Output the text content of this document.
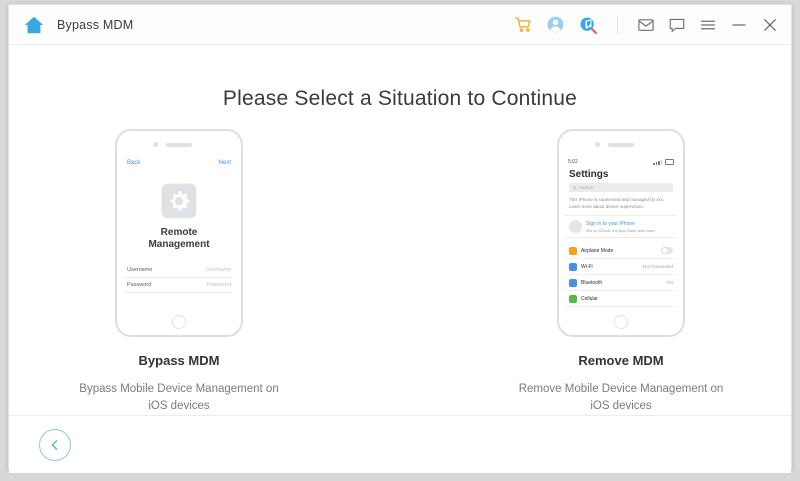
Bypass MDM
Please Select a Situation to Continue
Back	Next
Remote
Management
Username	Username
Password	Password
Bypass MDM
Bypass Mobile Device Management on iOS devices
5:02
Settings
Search
This iPhone is supervised and managed by xxx. Learn more about device supervision.
Sign in to your iPhone
Set up iCloud, the App Store and more.
Airplane Mode
Wi-Fi	Not Connected
Bluetooth	On
Cellular
Remove MDM
Remove Mobile Device Management on iOS devices
